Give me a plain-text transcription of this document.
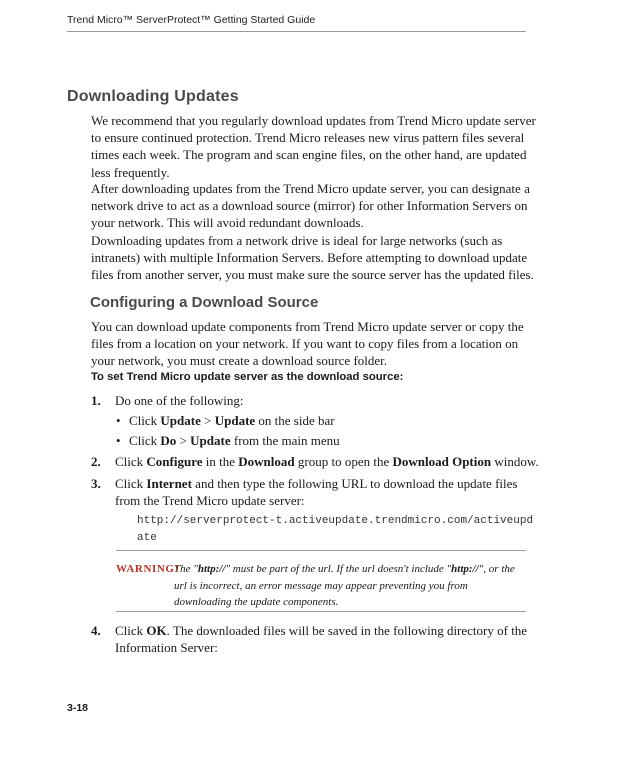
Trend Micro™ ServerProtect™ Getting Started Guide
Downloading Updates
We recommend that you regularly download updates from Trend Micro update server to ensure continued protection. Trend Micro releases new virus pattern files several times each week. The program and scan engine files, on the other hand, are updated less frequently.
After downloading updates from the Trend Micro update server, you can designate a network drive to act as a download source (mirror) for other Information Servers on your network. This will avoid redundant downloads.
Downloading updates from a network drive is ideal for large networks (such as intranets) with multiple Information Servers. Before attempting to download update files from another server, you must make sure the source server has the updated files.
Configuring a Download Source
You can download update components from Trend Micro update server or copy the files from a location on your network. If you want to copy files from a location on your network, you must create a download source folder.
To set Trend Micro update server as the download source:
1. Do one of the following:
• Click Update > Update on the side bar
• Click Do > Update from the main menu
2. Click Configure in the Download group to open the Download Option window.
3. Click Internet and then type the following URL to download the update files from the Trend Micro update server:
http://serverprotect-t.activeupdate.trendmicro.com/activeupdate
WARNING!
The "http://" must be part of the url. If the url doesn't include "http://", or the url is incorrect, an error message may appear preventing you from downloading the update components.
4. Click OK. The downloaded files will be saved in the following directory of the Information Server:
3-18
